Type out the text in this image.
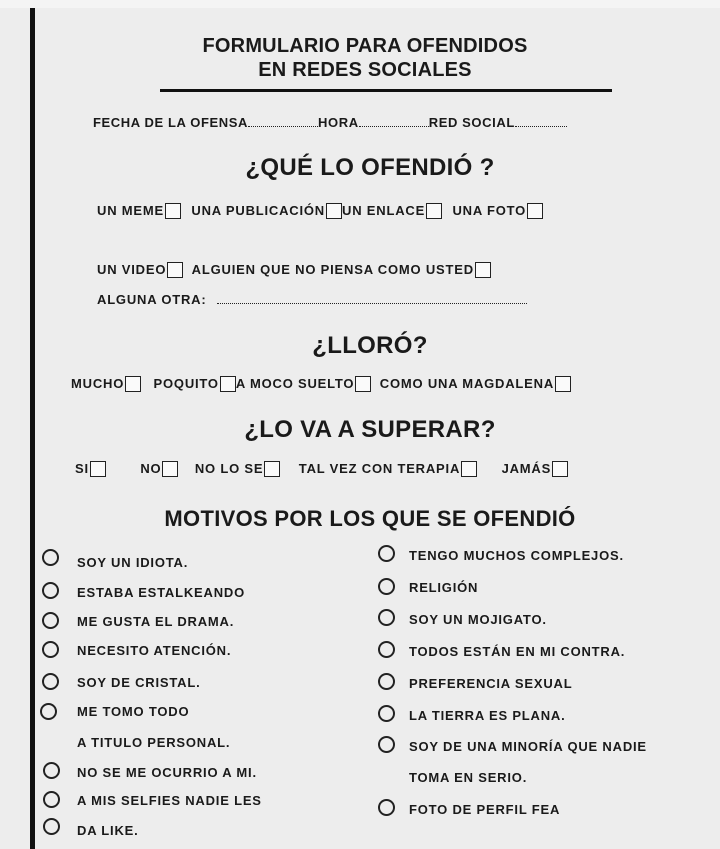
FORMULARIO PARA OFENDIDOS
EN REDES SOCIALES
FECHA DE LA OFENSA	HORA	RED SOCIAL
¿QUÉ LO OFENDIÓ ?
UN MEME UNA PUBLICACIÓN UN ENLACE UNA FOTO
UN VIDEO ALGUIEN QUE NO PIENSA COMO USTED
ALGUNA OTRA:
¿LLORÓ?
MUCHO POQUITO A MOCO SUELTO COMO UNA MAGDALENA
¿LO VA A SUPERAR?
SI	NO	NO LO SE	TAL VEZ CON TERAPIA	JAMÁS
MOTIVOS POR LOS QUE SE OFENDIÓ
SOY UN IDIOTA.
ESTABA ESTALKEANDO
ME GUSTA EL DRAMA.
NECESITO ATENCIÓN.
SOY DE CRISTAL.
ME TOMO TODO
A TITULO PERSONAL.
NO SE ME OCURRIO A MI.
A MIS SELFIES NADIE LES
DA LIKE.
TENGO MUCHOS COMPLEJOS.
RELIGIÓN
SOY UN MOJIGATO.
TODOS ESTÁN EN MI CONTRA.
PREFERENCIA SEXUAL
LA TIERRA ES PLANA.
SOY DE UNA MINORÍA QUE NADIE
TOMA EN SERIO.
FOTO DE PERFIL FEA
